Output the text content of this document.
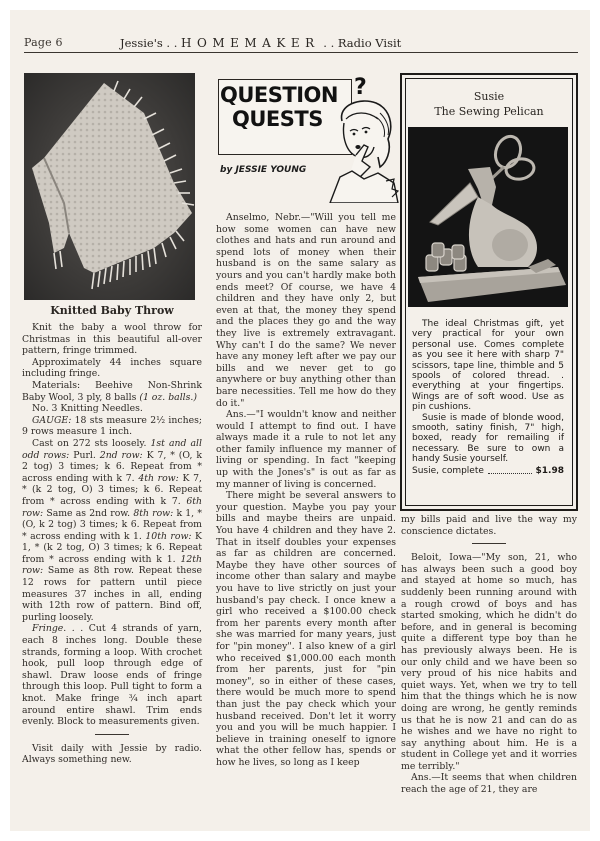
Page 6	Jessie's . . HOMEMAKER . . Radio Visit
Knitted Baby Throw

Knit the baby a wool throw for Christmas in this beautiful all-over pattern, fringe trimmed.

Approximately 44 inches square including fringe.

Materials: Beehive Non-Shrink Baby Wool, 3 ply, 8 balls (1 oz. balls.)

No. 3 Knitting Needles.

GAUGE: 18 sts measure 2½ inches; 9 rows measure 1 inch.

Cast on 272 sts loosely. 1st and all odd rows: Purl. 2nd row: K 7, * (O, k 2 tog) 3 times; k 6. Repeat from * across ending with k 7. 4th row: K 7, * (k 2 tog, O) 3 times; k 6. Repeat from * across ending with k 7. 6th row: Same as 2nd row. 8th row: k 1, * (O, k 2 tog) 3 times; k 6. Repeat from * across ending with k 1. 10th row: K 1, * (k 2 tog, O) 3 times; k 6. Repeat from * across ending with k 1. 12th row: Same as 8th row. Repeat these 12 rows for pattern until piece measures 37 inches in all, ending with 12th row of pattern. Bind off, purling loosely.

Fringe. . . Cut 4 strands of yarn, each 8 inches long. Double these strands, forming a loop. With crochet hook, pull loop through edge of shawl. Draw loose ends of fringe through this loop. Pull tight to form a knot. Make fringe ¾ inch apart around entire shawl. Trim ends evenly. Block to measurements given.

Visit daily with Jessie by radio. Always something new.

QUESTION
QUESTS
?
by JESSIE YOUNG

Anselmo, Nebr.—"Will you tell me how some women can have new clothes and hats and run around and spend lots of money when their husband is on the same salary as yours and you can't hardly make both ends meet? Of course, we have 4 children and they have only 2, but even at that, the money they spend and the places they go and the way they live is extremely extravagant. Why can't I do the same? We never have any money left after we pay our bills and we never get to go anywhere or buy anything other than bare necessities. Tell me how do they do it."

Ans.—"I wouldn't know and neither would I attempt to find out. I have always made it a rule to not let any other family influence my manner of living or spending. In fact "keeping up with the Jones's" is out as far as my manner of living is concerned.

There might be several answers to your question. Maybe you pay your bills and maybe theirs are unpaid. You have 4 children and they have 2. That in itself doubles your expenses as far as children are concerned. Maybe they have other sources of income other than salary and maybe you have to live strictly on just your husband's pay check. I once knew a girl who received a $100.00 check from her parents every month after she was married for many years, just for "pin money". I also knew of a girl who received $1,000.00 each month from her parents, just for "pin money", so in either of these cases, there would be much more to spend than just the pay check which your husband received. Don't let it worry you and you will be much happier. I believe in training oneself to ignore what the other fellow has, spends or how he lives, so long as I keep

Susie
The Sewing Pelican

The ideal Christmas gift, yet very practical for your own personal use. Comes complete as you see it here with sharp 7" scissors, tape line, thimble and 5 spools of colored thread. . everything at your fingertips. Wings are of soft wood. Use as pin cushions.

Susie is made of blonde wood, smooth, satiny finish, 7" high, boxed, ready for remailing if necessary. Be sure to own a handy Susie yourself.

Susie, complete	$1.98

my bills paid and live the way my conscience dictates.

Beloit, Iowa—"My son, 21, who has always been such a good boy and stayed at home so much, has suddenly been running around with a rough crowd of boys and has started smoking, which he didn't do before, and in general is becoming quite a different type boy than he has previously always been. He is our only child and we have been so very proud of his nice habits and quiet ways. Yet, when we try to tell him that the things which he is now doing are wrong, he gently reminds us that he is now 21 and can do as he wishes and we have no right to say anything about him. He is a student in College yet and it worries me terribly."

Ans.—It seems that when children reach the age of 21, they are
